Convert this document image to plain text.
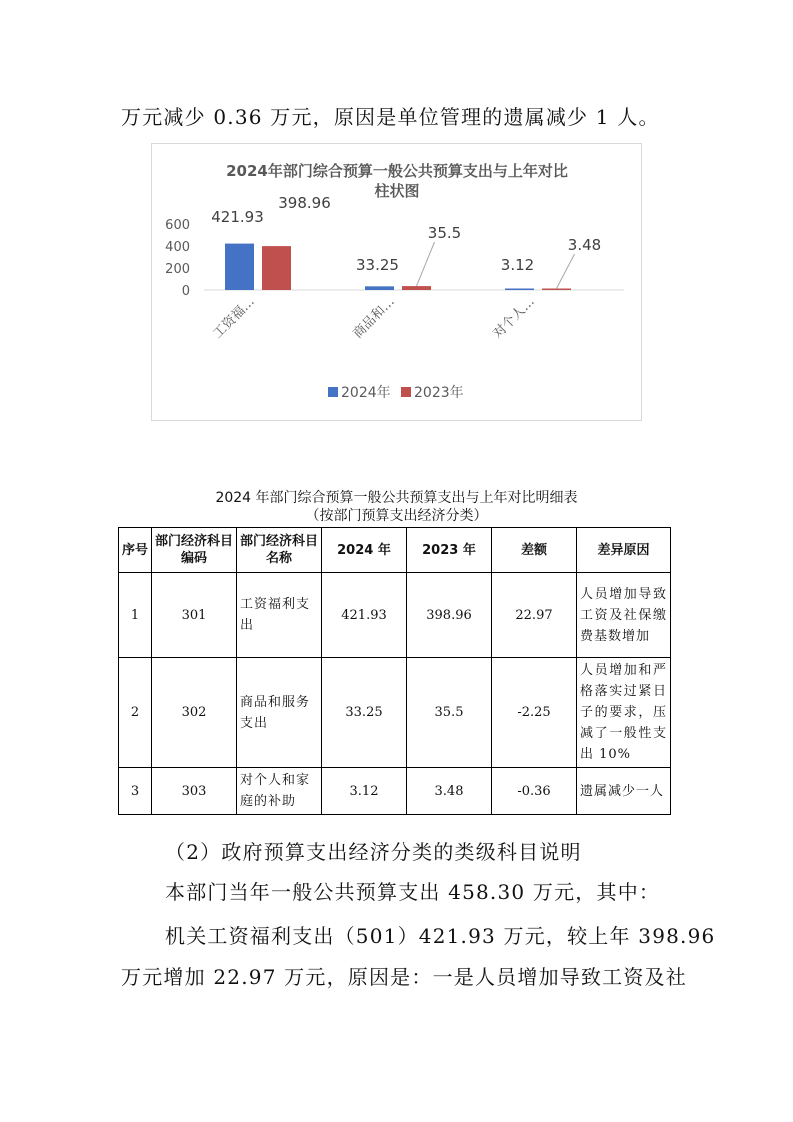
万元减少 0.36 万元，原因是单位管理的遗属减少 1 人。
2024年部门综合预算一般公共预算支出与上年对比
柱状图
0
200
400
600 421.93
33.25	3.12
398.96
35.5
3.48
工资福…	商品和…	对个人…
2024年 2023年
2024 年部门综合预算一般公共预算支出与上年对比明细表
（按部门预算支出经济分类）
序号	部门经济科目编码	部门经济科目名称	2024 年	2023 年	差额	差异原因
1	301	工资福利支出	421.93	398.96	22.97	人员增加导致工资及社保缴费基数增加
2	302	商品和服务支出	33.25	35.5	-2.25	人员增加和严格落实过紧日子的要求，压减了一般性支出 10%
3	303	对个人和家庭的补助	3.12	3.48	-0.36	遗属减少一人
（2）政府预算支出经济分类的类级科目说明
本部门当年一般公共预算支出 458.30 万元，其中：
机关工资福利支出（501）421.93 万元，较上年 398.96
万元增加 22.97 万元，原因是：一是人员增加导致工资及社
